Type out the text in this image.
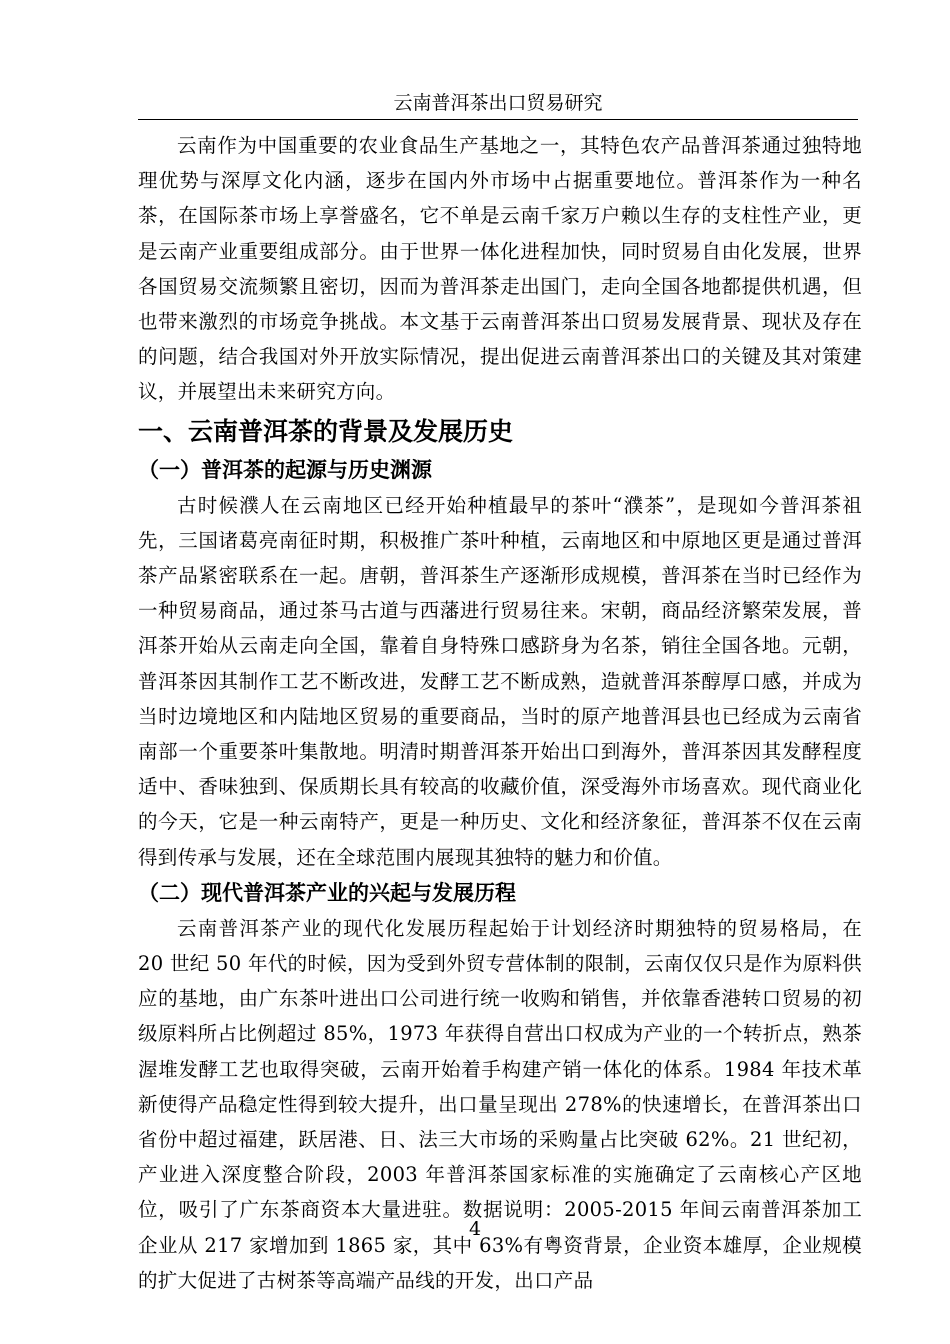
云南普洱茶出口贸易研究

云南作为中国重要的农业食品生产基地之一，其特色农产品普洱茶通过独特地理优势与深厚文化内涵，逐步在国内外市场中占据重要地位。普洱茶作为一种名茶，在国际茶市场上享誉盛名，它不单是云南千家万户赖以生存的支柱性产业，更是云南产业重要组成部分。由于世界一体化进程加快，同时贸易自由化发展，世界各国贸易交流频繁且密切，因而为普洱茶走出国门，走向全国各地都提供机遇，但也带来激烈的市场竞争挑战。本文基于云南普洱茶出口贸易发展背景、现状及存在的问题，结合我国对外开放实际情况，提出促进云南普洱茶出口的关键及其对策建议，并展望出未来研究方向。

一、云南普洱茶的背景及发展历史
（一）普洱茶的起源与历史渊源

古时候濮人在云南地区已经开始种植最早的茶叶“濮茶”，是现如今普洱茶祖先，三国诸葛亮南征时期，积极推广茶叶种植，云南地区和中原地区更是通过普洱茶产品紧密联系在一起。唐朝，普洱茶生产逐渐形成规模，普洱茶在当时已经作为一种贸易商品，通过茶马古道与西藩进行贸易往来。宋朝，商品经济繁荣发展，普洱茶开始从云南走向全国，靠着自身特殊口感跻身为名茶，销往全国各地。元朝，普洱茶因其制作工艺不断改进，发酵工艺不断成熟，造就普洱茶醇厚口感，并成为当时边境地区和内陆地区贸易的重要商品，当时的原产地普洱县也已经成为云南省南部一个重要茶叶集散地。明清时期普洱茶开始出口到海外，普洱茶因其发酵程度适中、香味独到、保质期长具有较高的收藏价值，深受海外市场喜欢。现代商业化的今天，它是一种云南特产，更是一种历史、文化和经济象征，普洱茶不仅在云南得到传承与发展，还在全球范围内展现其独特的魅力和价值。

（二）现代普洱茶产业的兴起与发展历程

云南普洱茶产业的现代化发展历程起始于计划经济时期独特的贸易格局，在 20 世纪 50 年代的时候，因为受到外贸专营体制的限制，云南仅仅只是作为原料供应的基地，由广东茶叶进出口公司进行统一收购和销售，并依靠香港转口贸易的初级原料所占比例超过 85%，1973 年获得自营出口权成为产业的一个转折点，熟茶渥堆发酵工艺也取得突破，云南开始着手构建产销一体化的体系。1984 年技术革新使得产品稳定性得到较大提升，出口量呈现出 278%的快速增长，在普洱茶出口省份中超过福建，跃居港、日、法三大市场的采购量占比突破 62%。21 世纪初，产业进入深度整合阶段，2003 年普洱茶国家标准的实施确定了云南核心产区地位，吸引了广东茶商资本大量进驻。数据说明：2005-2015 年间云南普洱茶加工企业从 217 家增加到 1865 家，其中 63%有粤资背景，企业资本雄厚，企业规模的扩大促进了古树茶等高端产品线的开发，出口产品

4
